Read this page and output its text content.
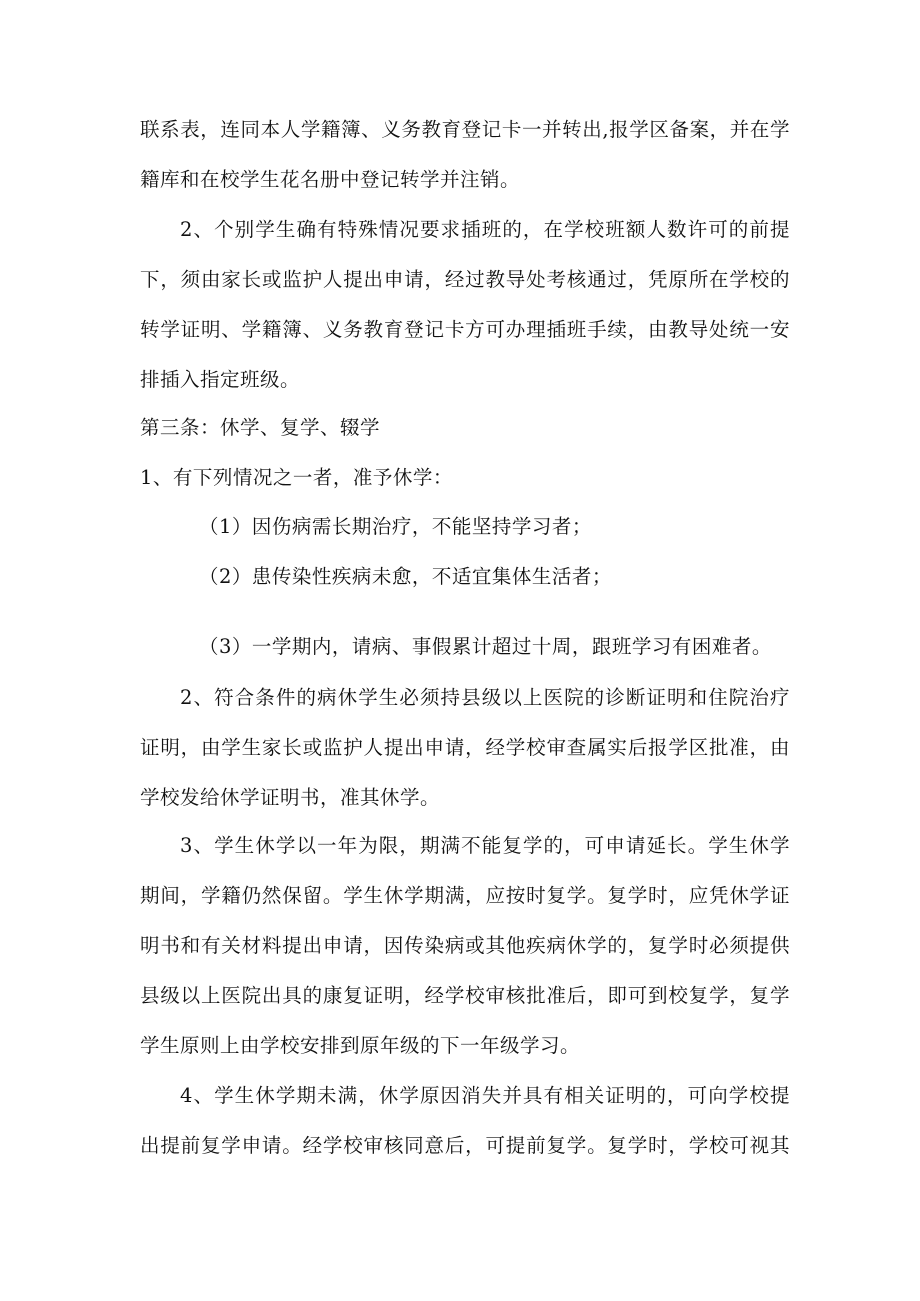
联系表，连同本人学籍簿、义务教育登记卡一并转出,报学区备案，并在学
籍库和在校学生花名册中登记转学并注销。
2、个别学生确有特殊情况要求插班的，在学校班额人数许可的前提
下，须由家长或监护人提出申请，经过教导处考核通过，凭原所在学校的
转学证明、学籍簿、义务教育登记卡方可办理插班手续，由教导处统一安
排插入指定班级。
第三条：休学、复学、辍学
1、有下列情况之一者，准予休学：
（1）因伤病需长期治疗，不能坚持学习者；
（2）患传染性疾病未愈，不适宜集体生活者；
（3）一学期内，请病、事假累计超过十周，跟班学习有困难者。
2、符合条件的病休学生必须持县级以上医院的诊断证明和住院治疗
证明，由学生家长或监护人提出申请，经学校审查属实后报学区批准，由
学校发给休学证明书，准其休学。
3、学生休学以一年为限，期满不能复学的，可申请延长。学生休学
期间，学籍仍然保留。学生休学期满，应按时复学。复学时，应凭休学证
明书和有关材料提出申请，因传染病或其他疾病休学的，复学时必须提供
县级以上医院出具的康复证明，经学校审核批准后，即可到校复学，复学
学生原则上由学校安排到原年级的下一年级学习。
4、学生休学期未满，休学原因消失并具有相关证明的，可向学校提
出提前复学申请。经学校审核同意后，可提前复学。复学时，学校可视其
